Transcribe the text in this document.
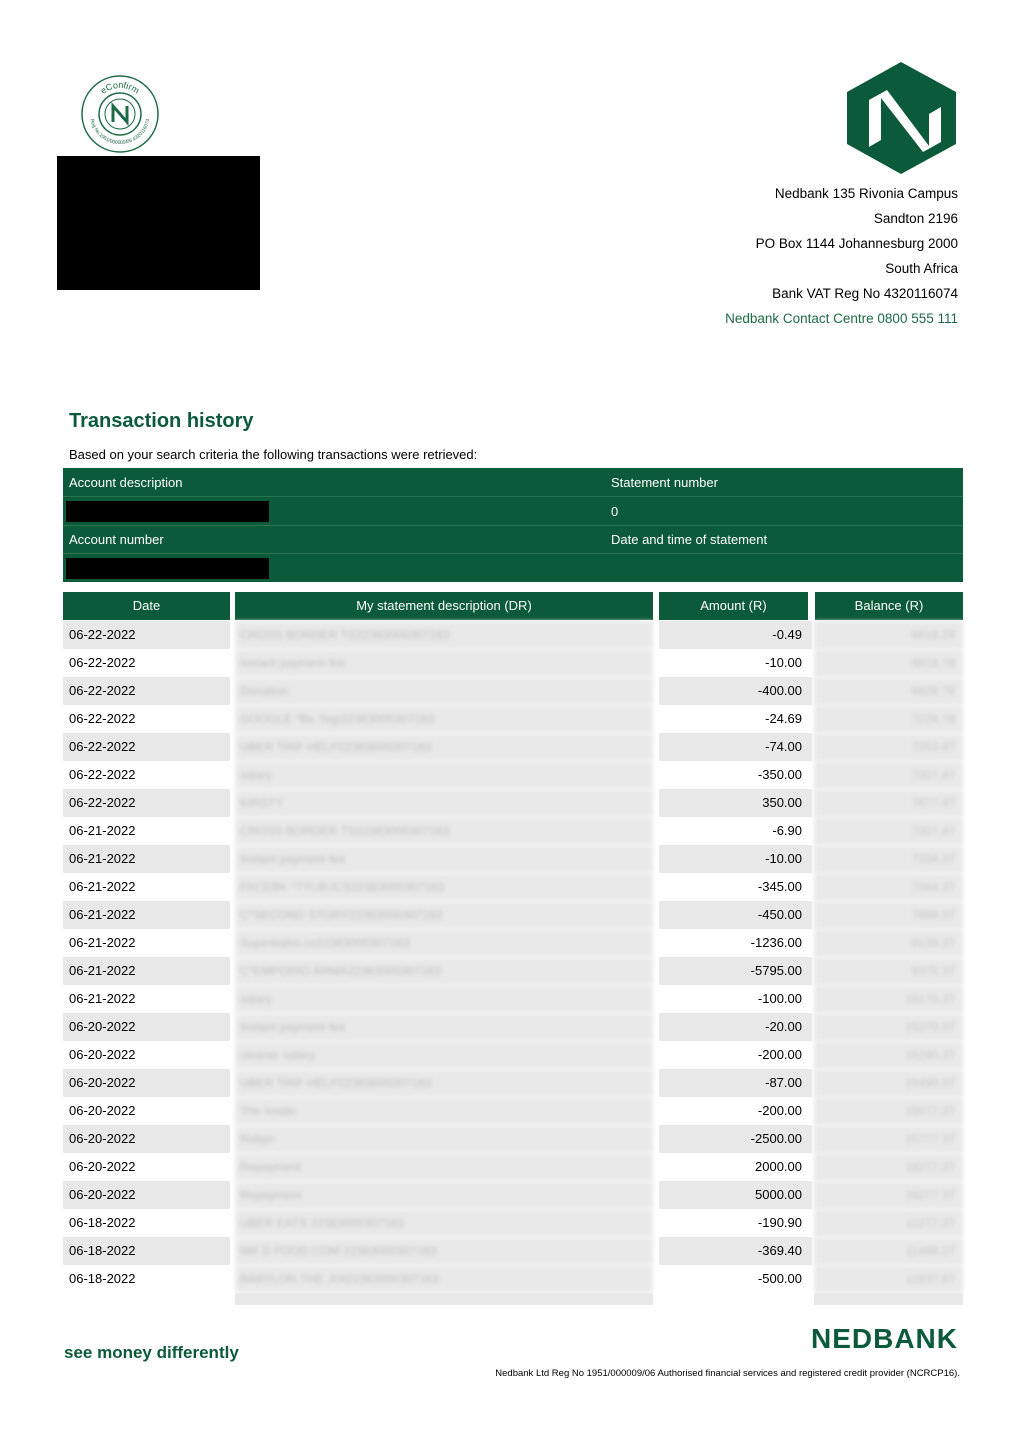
eConfirm
Reg No 1951/000009/06 4320116074
Nedbank 135 Rivonia Campus
Sandton 2196
PO Box 1144 Johannesburg 2000
South Africa
Bank VAT Reg No 4320116074
Nedbank Contact Centre 0800 555 111
Transaction history
Based on your search criteria the following transactions were retrieved:
Account description	Statement number
0
Account number	Date and time of statement
Date	My statement description (DR)	Amount (R)	Balance (R)
06-22-2022	CROSS BORDER TS22363000307163	-0.49	6818.29
06-22-2022	Instant payment fee	-10.00	6818.78
06-22-2022	Donation	-400.00	6828.78
06-22-2022	GOOGLE *Be Yogi22363000307163	-24.69	7228.78
06-22-2022	UBER TRIP HELP22363000307163	-74.00	7253.47
06-22-2022	salary	-350.00	7327.47
06-22-2022	KIRSTY	350.00	7677.47
06-21-2022	CROSS BORDER TS22363000307163	-6.90	7327.47
06-21-2022	Instant payment fee	-10.00	7334.37
06-21-2022	FACEBK *TYLBUCS22363000307163	-345.00	7344.37
06-21-2022	C*SECOND STORY22363000307163	-450.00	7689.37
06-21-2022	Superbalist.co22363000307163	-1236.00	8139.37
06-21-2022	C*EMPORIO ARMA22363000307163	-5795.00	9375.37
06-21-2022	salary	-100.00	15170.37
06-20-2022	Instant payment fee	-20.00	15270.37
06-20-2022	cleaner salary	-200.00	15290.37
06-20-2022	UBER TRIP HELP22363000307163	-87.00	15490.37
06-20-2022	The Inside	-200.00	15577.37
06-20-2022	Robyn	-2500.00	15777.37
06-20-2022	Repayment	2000.00	18277.37
06-20-2022	Repayment	5000.00	16277.37
06-18-2022	UBER EATS 22363000307163	-190.90	11277.37
06-18-2022	MR D FOOD.COM 22363000307163	-369.40	11468.27
06-18-2022	BABYLON THE JOI22363000307163	-500.00	11837.67
see money differently	NEDBANK
Nedbank Ltd Reg No 1951/000009/06 Authorised financial services and registered credit provider (NCRCP16).
